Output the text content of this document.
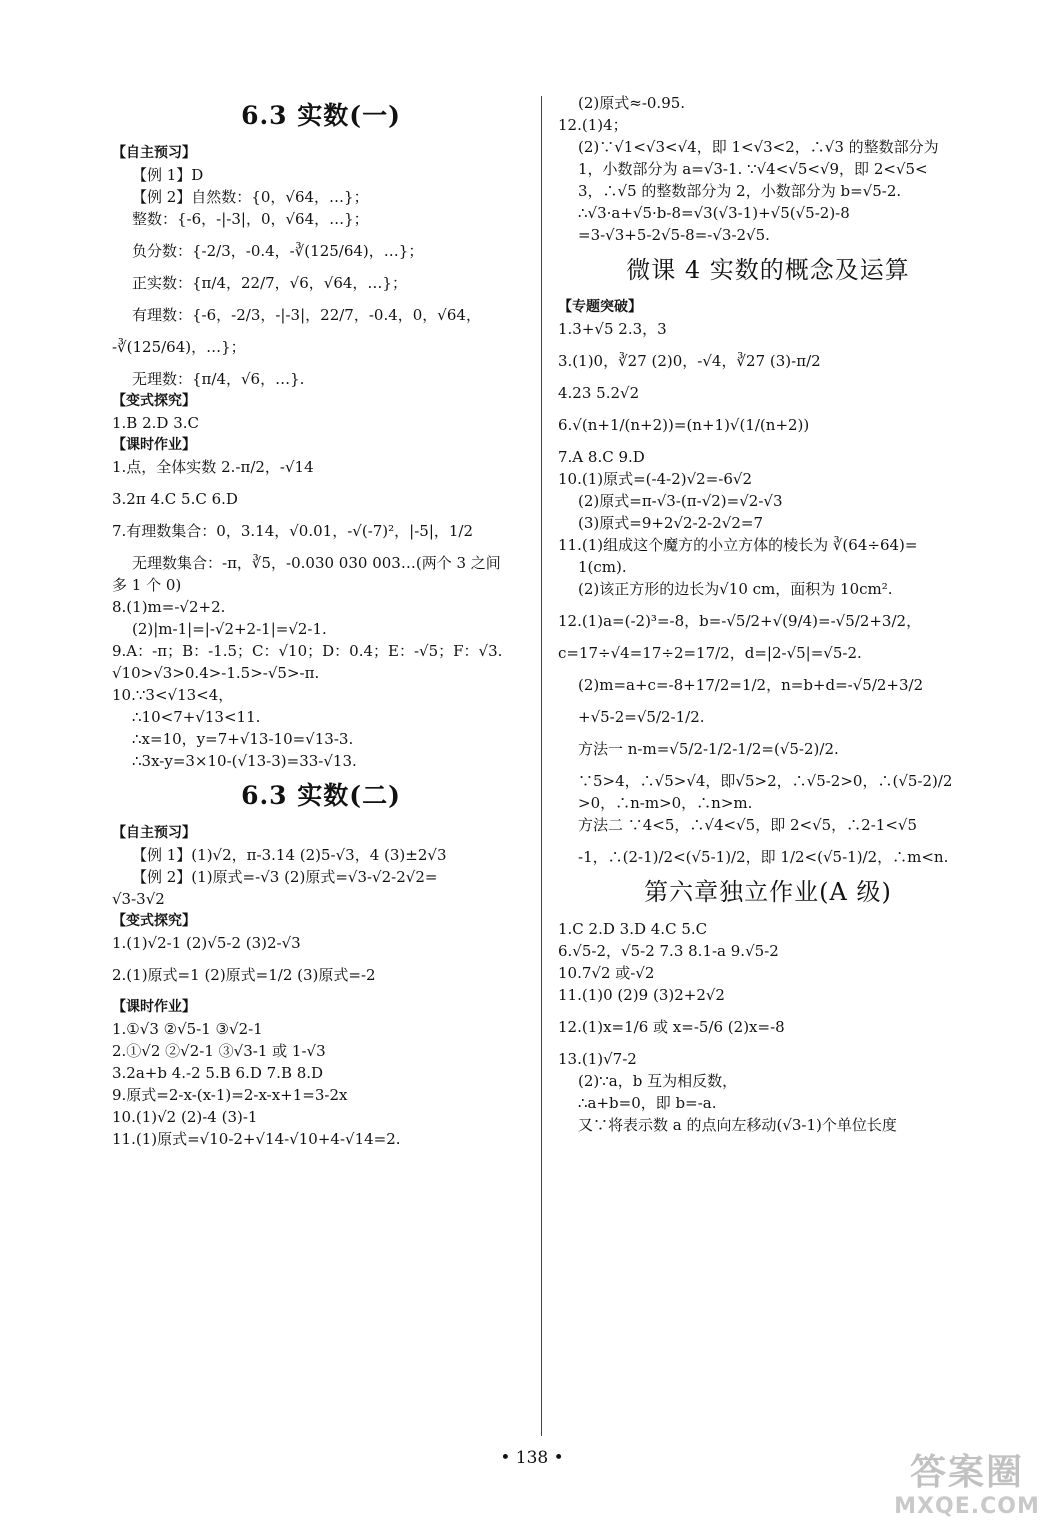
6.3 实数(一)
【自主预习】
【例 1】D
【例 2】自然数：{0，√64，…}；
整数：{-6，-|-3|，0，√64，…}；
负分数：{-2/3，-0.4，-∛(125/64)，…}；
正实数：{π/4，22/7，√6，√64，…}；
有理数：{-6，-2/3，-|-3|，22/7，-0.4，0，√64，
-∛(125/64)，…}；
无理数：{π/4，√6，…}.
【变式探究】
1.B 2.D 3.C
【课时作业】
1.点，全体实数 2.-π/2，-√14
3.2π 4.C 5.C 6.D
7.有理数集合：0，3.14，√0.01，-√(-7)²，|-5|，1/2
无理数集合：-π，∛5，-0.030 030 003…(两个 3 之间
多 1 个 0)
8.(1)m=-√2+2.
(2)|m-1|=|-√2+2-1|=√2-1.
9.A：-π；B：-1.5；C：√10；D：0.4；E：-√5；F：√3.
√10>√3>0.4>-1.5>-√5>-π.
10.∵3<√13<4，
∴10<7+√13<11.
∴x=10，y=7+√13-10=√13-3.
∴3x-y=3×10-(√13-3)=33-√13.
6.3 实数(二)
【自主预习】
【例 1】(1)√2，π-3.14 (2)5-√3，4 (3)±2√3
【例 2】(1)原式=-√3 (2)原式=√3-√2-2√2=
√3-3√2
【变式探究】
1.(1)√2-1 (2)√5-2 (3)2-√3
2.(1)原式=1 (2)原式=1/2 (3)原式=-2
【课时作业】
1.①√3 ②√5-1 ③√2-1
2.①√2 ②√2-1 ③√3-1 或 1-√3
3.2a+b 4.-2 5.B 6.D 7.B 8.D
9.原式=2-x-(x-1)=2-x-x+1=3-2x
10.(1)√2 (2)-4 (3)-1
11.(1)原式=√10-2+√14-√10+4-√14=2.
(2)原式≈-0.95.
12.(1)4；
(2)∵√1<√3<√4，即 1<√3<2，∴√3 的整数部分为
1，小数部分为 a=√3-1. ∵√4<√5<√9，即 2<√5<
3，∴√5 的整数部分为 2，小数部分为 b=√5-2.
∴√3·a+√5·b-8=√3(√3-1)+√5(√5-2)-8
=3-√3+5-2√5-8=-√3-2√5.
微课 4 实数的概念及运算
【专题突破】
1.3+√5 2.3，3
3.(1)0，∛27 (2)0，-√4，∛27 (3)-π/2
4.23 5.2√2
6.√(n+1/(n+2))=(n+1)√(1/(n+2))
7.A 8.C 9.D
10.(1)原式=(-4-2)√2=-6√2
(2)原式=π-√3-(π-√2)=√2-√3
(3)原式=9+2√2-2-2√2=7
11.(1)组成这个魔方的小立方体的棱长为 ∛(64÷64)=
1(cm).
(2)该正方形的边长为√10 cm，面积为 10cm².
12.(1)a=(-2)³=-8，b=-√5/2+√(9/4)=-√5/2+3/2，
c=17÷√4=17÷2=17/2，d=|2-√5|=√5-2.
(2)m=a+c=-8+17/2=1/2，n=b+d=-√5/2+3/2
+√5-2=√5/2-1/2.
方法一 n-m=√5/2-1/2-1/2=(√5-2)/2.
∵5>4，∴√5>√4，即√5>2，∴√5-2>0，∴(√5-2)/2
>0，∴n-m>0，∴n>m.
方法二 ∵4<5，∴√4<√5，即 2<√5，∴2-1<√5
-1，∴(2-1)/2<(√5-1)/2，即 1/2<(√5-1)/2，∴m<n.
第六章独立作业(A 级)
1.C 2.D 3.D 4.C 5.C
6.√5-2，√5-2 7.3 8.1-a 9.√5-2
10.7√2 或-√2
11.(1)0 (2)9 (3)2+2√2
12.(1)x=1/6 或 x=-5/6 (2)x=-8
13.(1)√7-2
(2)∵a，b 互为相反数，
∴a+b=0，即 b=-a.
又∵将表示数 a 的点向左移动(√3-1)个单位长度
• 138 •	答案圈
MXQE.COM
